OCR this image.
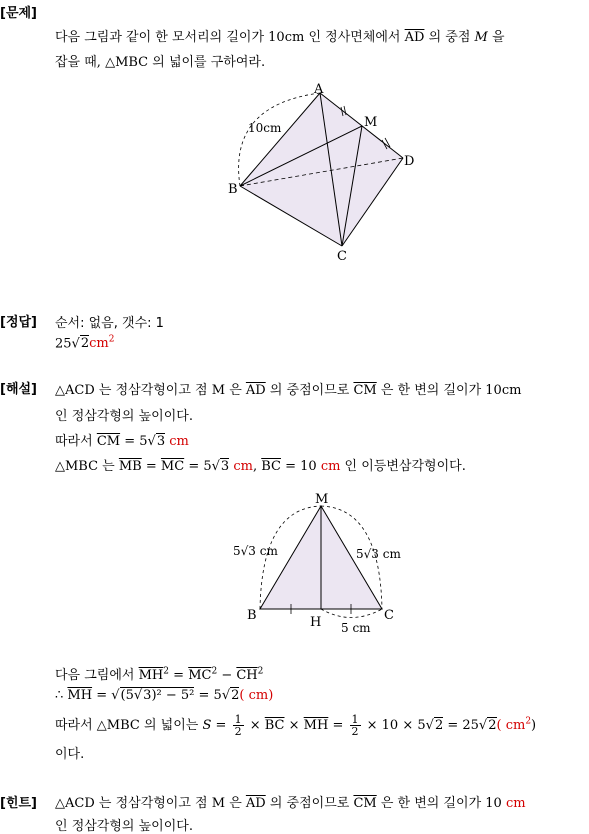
[문제]
다음 그림과 같이 한 모서리의 길이가 10cm 인 정사면체에서 $\overline{AD}$ 의 중점 M 을
잡을 때, △MBC 의 넓이를 구하여라.
A
M
D
B
C
10cm
[정답] 순서: 없음, 갯수: 1
$25√2cm^2$
[해설] △ACD 는 정삼각형이고 점 M 은 $\overline{AD}$ 의 중점이므로 $\overline{CM}$ 은 한 변의 길이가 10cm
인 정삼각형의 높이이다.
따라서 $\overline{CM} = 5√3$ cm
△MBC 는 $\overline{MB} = \overline{MC} = 5√3$ cm, $\overline{BC} = 10$ cm 인 이등변삼각형이다.
M
B	C
H
5√3 cm	5√3 cm
5 cm
다음 그림에서 $\overline{MH}^2 = \overline{MC}^2 - \overline{CH}^2$
∴ $\overline{MH} = √(5√3)^2 - 5^2 = 5√2$( cm)
따라서 △MBC 의 넓이는 $S = \frac{1}{2} \times \overline{BC} \times \overline{MH} = \frac{1}{2} \times 10 \times 5√2 = 25√2$( $cm^2$)
이다.
[힌트] △ACD 는 정삼각형이고 점 M 은 $\overline{AD}$ 의 중점이므로 $\overline{CM}$ 은 한 변의 길이가 10 cm
인 정삼각형의 높이이다.
